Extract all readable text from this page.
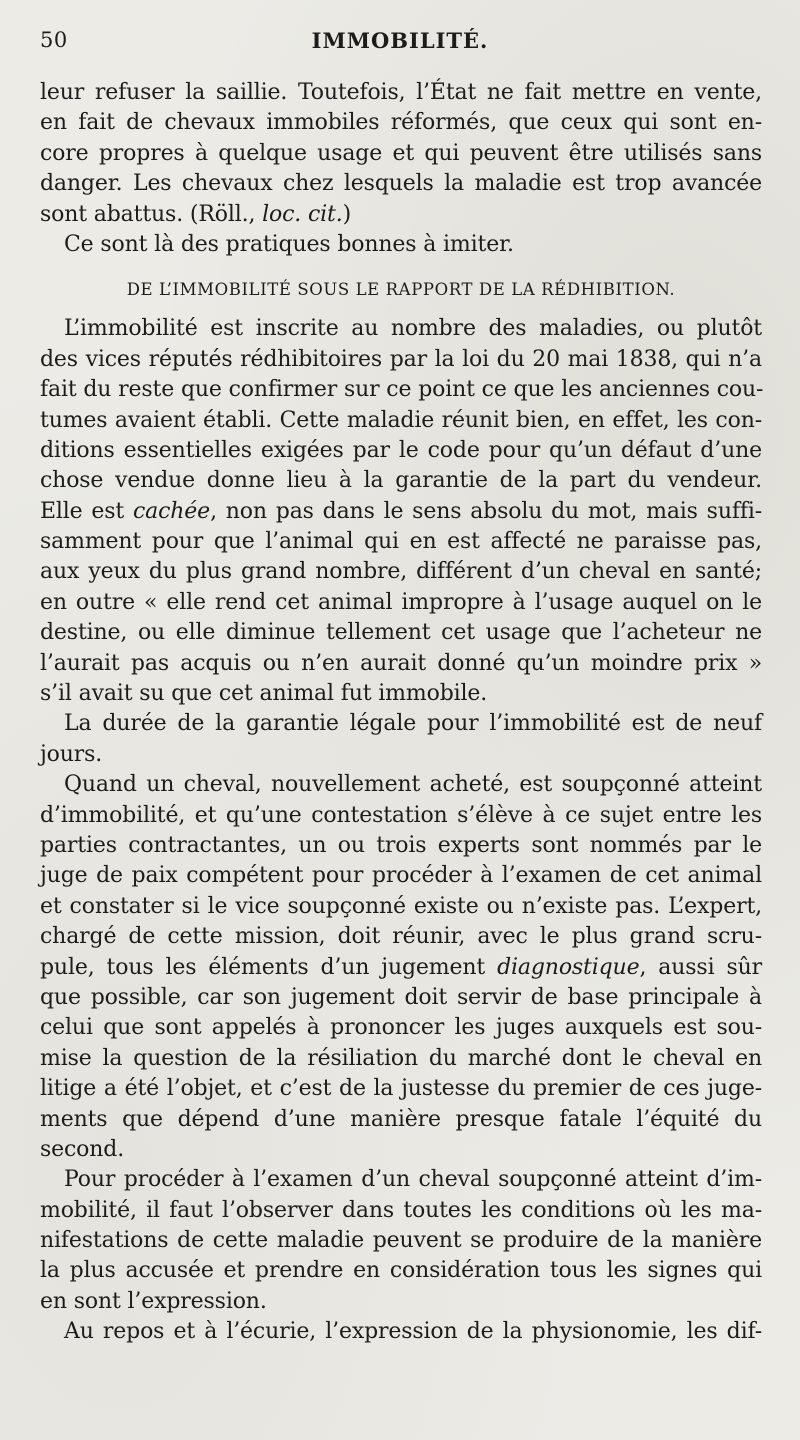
50	IMMOBILITÉ.
leur refuser la saillie. Toutefois, l’État ne fait mettre en vente,
en fait de chevaux immobiles réformés, que ceux qui sont en-
core propres à quelque usage et qui peuvent être utilisés sans
danger. Les chevaux chez lesquels la maladie est trop avancée
sont abattus. (Röll., loc. cit.)
Ce sont là des pratiques bonnes à imiter.
DE L’IMMOBILITÉ SOUS LE RAPPORT DE LA RÉDHIBITION.
L’immobilité est inscrite au nombre des maladies, ou plutôt
des vices réputés rédhibitoires par la loi du 20 mai 1838, qui n’a
fait du reste que confirmer sur ce point ce que les anciennes cou-
tumes avaient établi. Cette maladie réunit bien, en effet, les con-
ditions essentielles exigées par le code pour qu’un défaut d’une
chose vendue donne lieu à la garantie de la part du vendeur.
Elle est cachée, non pas dans le sens absolu du mot, mais suffi-
samment pour que l’animal qui en est affecté ne paraisse pas,
aux yeux du plus grand nombre, différent d’un cheval en santé;
en outre « elle rend cet animal impropre à l’usage auquel on le
destine, ou elle diminue tellement cet usage que l’acheteur ne
l’aurait pas acquis ou n’en aurait donné qu’un moindre prix »
s’il avait su que cet animal fut immobile.
La durée de la garantie légale pour l’immobilité est de neuf
jours.
Quand un cheval, nouvellement acheté, est soupçonné atteint
d’immobilité, et qu’une contestation s’élève à ce sujet entre les
parties contractantes, un ou trois experts sont nommés par le
juge de paix compétent pour procéder à l’examen de cet animal
et constater si le vice soupçonné existe ou n’existe pas. L’expert,
chargé de cette mission, doit réunir, avec le plus grand scru-
pule, tous les éléments d’un jugement diagnostique, aussi sûr
que possible, car son jugement doit servir de base principale à
celui que sont appelés à prononcer les juges auxquels est sou-
mise la question de la résiliation du marché dont le cheval en
litige a été l’objet, et c’est de la justesse du premier de ces juge-
ments que dépend d’une manière presque fatale l’équité du
second.
Pour procéder à l’examen d’un cheval soupçonné atteint d’im-
mobilité, il faut l’observer dans toutes les conditions où les ma-
nifestations de cette maladie peuvent se produire de la manière
la plus accusée et prendre en considération tous les signes qui
en sont l’expression.
Au repos et à l’écurie, l’expression de la physionomie, les dif-
